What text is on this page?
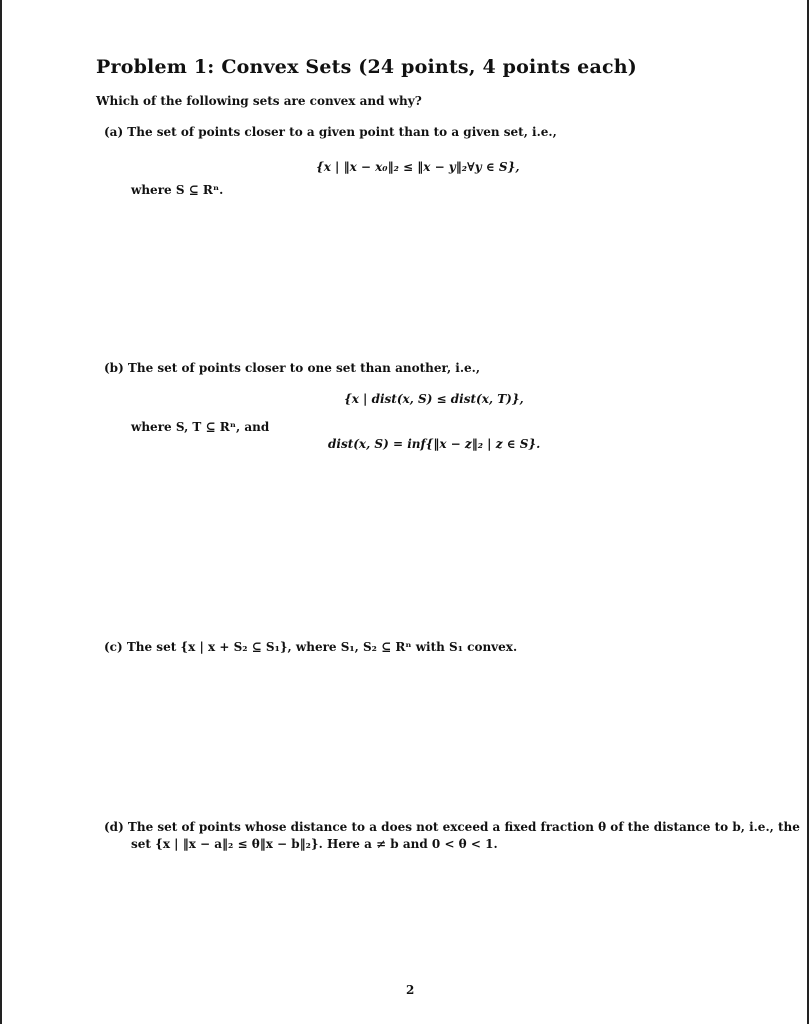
Problem 1: Convex Sets (24 points, 4 points each)
Which of the following sets are convex and why?
(a) The set of points closer to a given point than to a given set, i.e.,
{x | ‖x − x₀‖₂ ≤ ‖x − y‖₂∀y ∈ S},
where S ⊆ Rⁿ.
(b) The set of points closer to one set than another, i.e.,
{x | dist(x, S) ≤ dist(x, T)},
where S, T ⊆ Rⁿ, and
dist(x, S) = inf{‖x − z‖₂ | z ∈ S}.
(c) The set {x | x + S₂ ⊆ S₁}, where S₁, S₂ ⊆ Rⁿ with S₁ convex.
(d) The set of points whose distance to a does not exceed a fixed fraction θ of the distance to b, i.e., the
set {x | ‖x − a‖₂ ≤ θ‖x − b‖₂}. Here a ≠ b and 0 < θ < 1.
2
